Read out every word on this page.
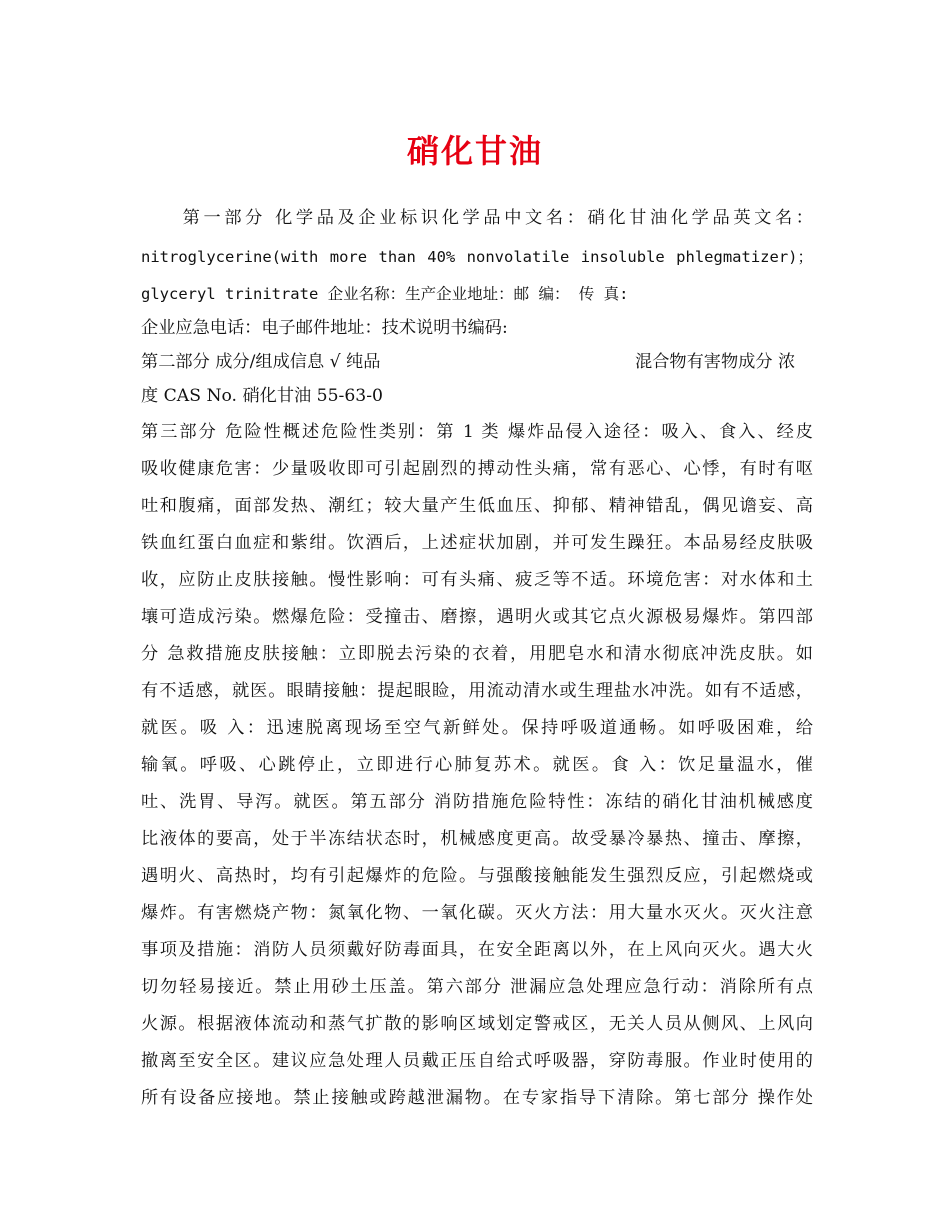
硝化甘油
　　第一部分 化学品及企业标识化学品中文名：硝化甘油化学品英文名：
nitroglycerine(with more than 40% nonvolatile insoluble phlegmatizer)；
glyceryl trinitrate 企业名称：生产企业地址：邮 编： 传 真:
企业应急电话：电子邮件地址：技术说明书编码:
第二部分 成分/组成信息 √ 纯品	混合物有害物成分 浓
度 CAS No. 硝化甘油 55-63-0
第三部分 危险性概述危险性类别：第 1 类 爆炸品侵入途径：吸入、食入、经皮
吸收健康危害：少量吸收即可引起剧烈的搏动性头痛，常有恶心、心悸，有时有呕
吐和腹痛，面部发热、潮红；较大量产生低血压、抑郁、精神错乱，偶见谵妄、高
铁血红蛋白血症和紫绀。饮酒后，上述症状加剧，并可发生躁狂。本品易经皮肤吸
收，应防止皮肤接触。慢性影响：可有头痛、疲乏等不适。环境危害：对水体和土
壤可造成污染。燃爆危险：受撞击、磨擦，遇明火或其它点火源极易爆炸。第四部
分 急救措施皮肤接触：立即脱去污染的衣着，用肥皂水和清水彻底冲洗皮肤。如
有不适感，就医。眼睛接触：提起眼睑，用流动清水或生理盐水冲洗。如有不适感，
就医。吸 入：迅速脱离现场至空气新鲜处。保持呼吸道通畅。如呼吸困难，给
输氧。呼吸、心跳停止，立即进行心肺复苏术。就医。食 入：饮足量温水，催
吐、洗胃、导泻。就医。第五部分 消防措施危险特性：冻结的硝化甘油机械感度
比液体的要高，处于半冻结状态时，机械感度更高。故受暴冷暴热、撞击、摩擦，
遇明火、高热时，均有引起爆炸的危险。与强酸接触能发生强烈反应，引起燃烧或
爆炸。有害燃烧产物：氮氧化物、一氧化碳。灭火方法：用大量水灭火。灭火注意
事项及措施：消防人员须戴好防毒面具，在安全距离以外，在上风向灭火。遇大火
切勿轻易接近。禁止用砂土压盖。第六部分 泄漏应急处理应急行动：消除所有点
火源。根据液体流动和蒸气扩散的影响区域划定警戒区，无关人员从侧风、上风向
撤离至安全区。建议应急处理人员戴正压自给式呼吸器，穿防毒服。作业时使用的
所有设备应接地。禁止接触或跨越泄漏物。在专家指导下清除。第七部分 操作处
